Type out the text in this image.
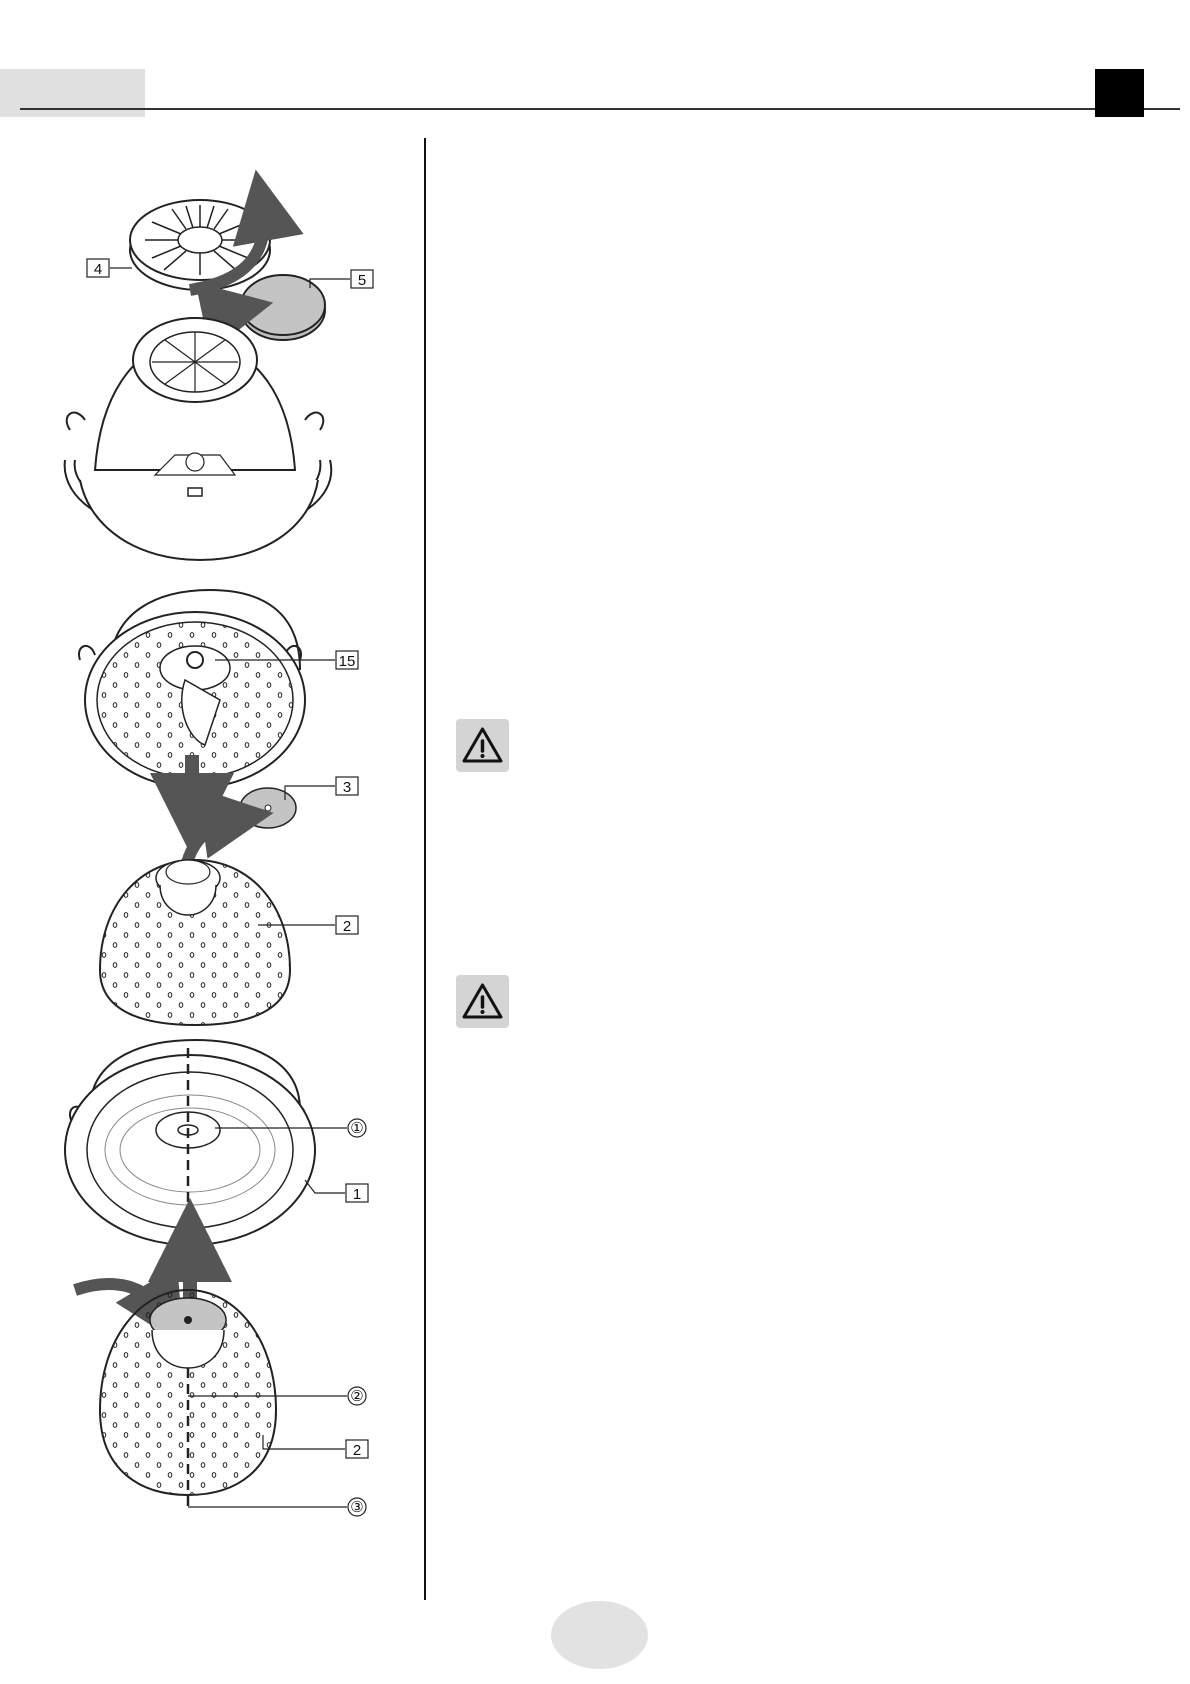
4
5
15
3
2
①
1
②
2
③
